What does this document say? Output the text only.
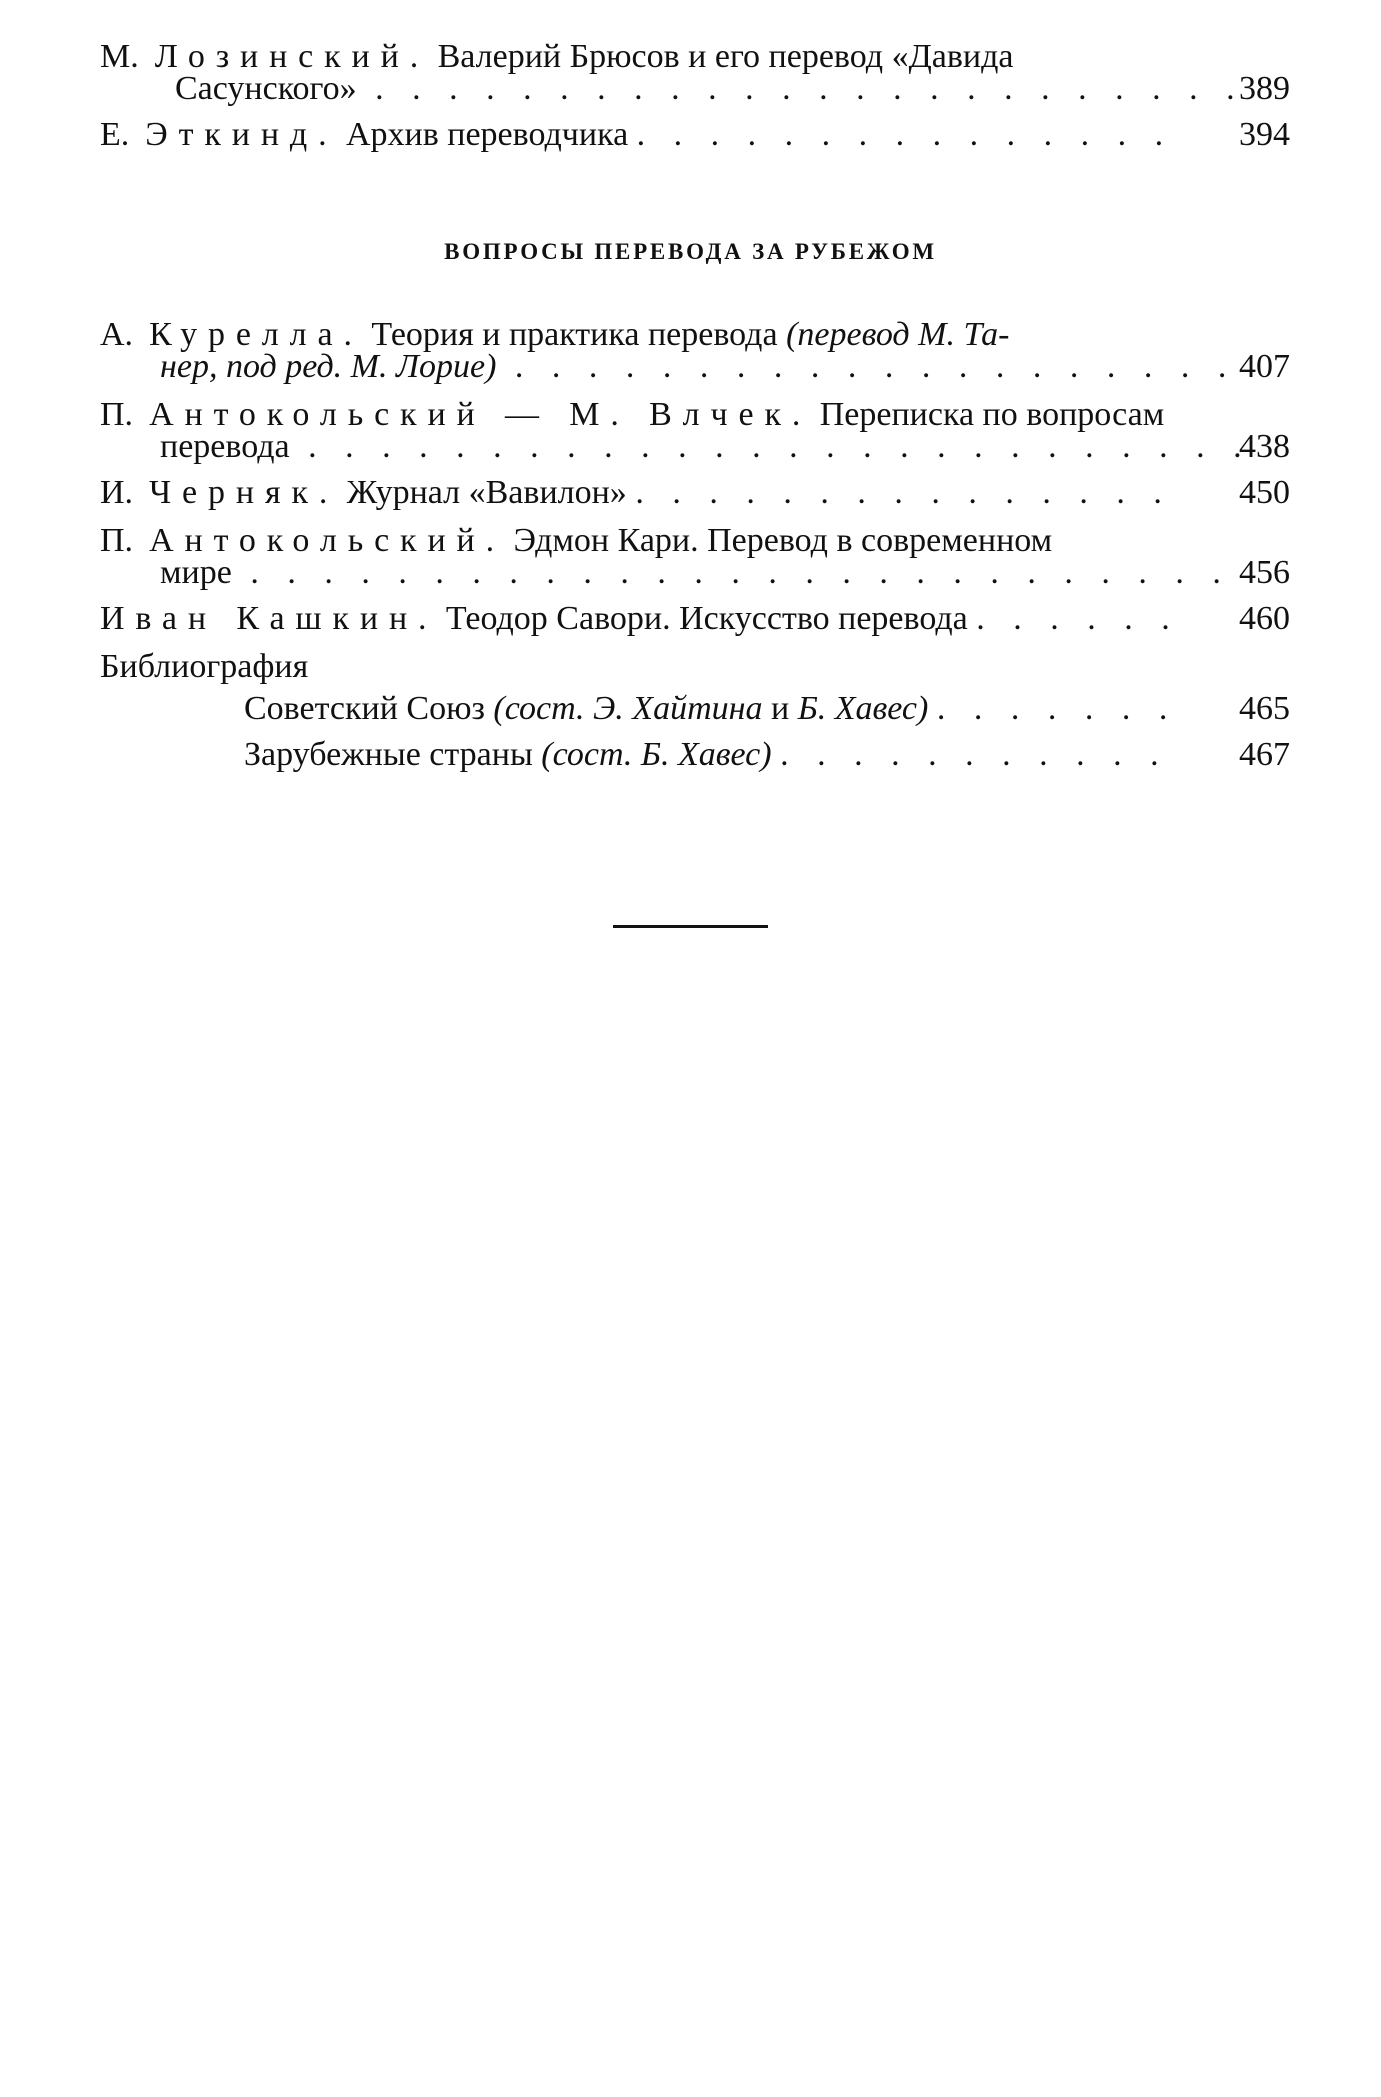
М. Лозинский. Валерий Брюсов и его перевод «Давида
Сасунского» . . .	389
Е. Эткинд. Архив переводчика . . .	394
ВОПРОСЫ ПЕРЕВОДА ЗА РУБЕЖОМ
А. Курелла. Теория и практика перевода (перевод М. Та-
нер, под ред. М. Лорие) . . .	407
П. Антокольский — М. Влчек. Переписка по вопросам
перевода . . .	438
И. Черняк. Журнал «Вавилон» . . .	450
П. Антокольский. Эдмон Кари. Перевод в современном
мире . . .	456
Иван Кашкин. Теодор Савори. Искусство перевода . . .	460
Библиография
Советский Союз (сост. Э. Хайтина и Б. Хавес) . . .	465
Зарубежные страны (сост. Б. Хавес) . . .	467
